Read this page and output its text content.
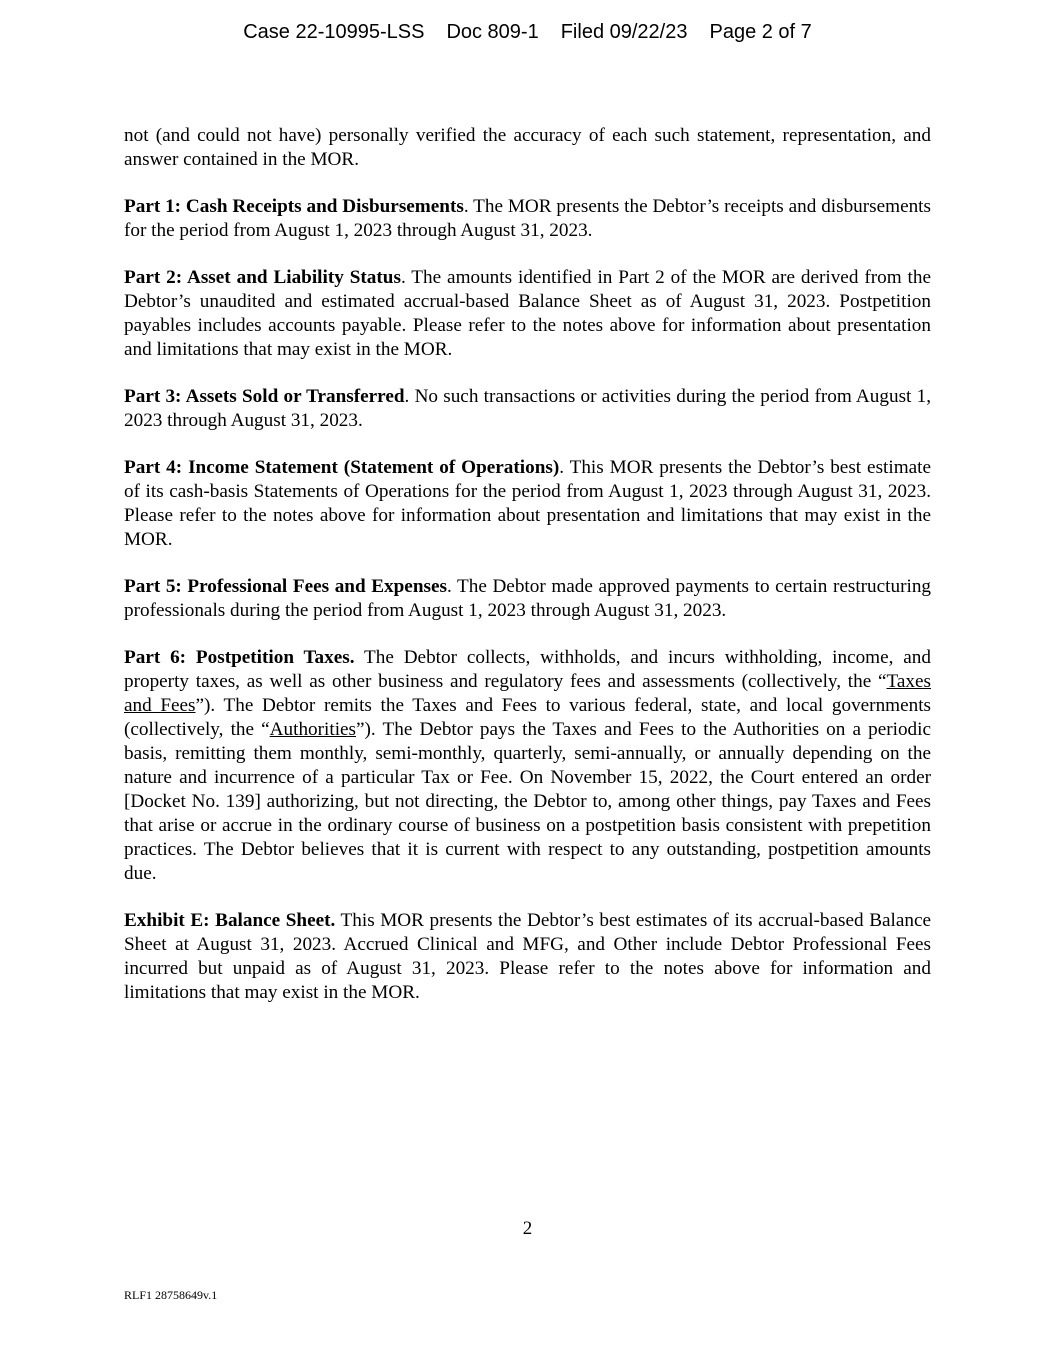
Case 22-10995-LSS Doc 809-1 Filed 09/22/23 Page 2 of 7

not (and could not have) personally verified the accuracy of each such statement, representation, and answer contained in the MOR.

Part 1: Cash Receipts and Disbursements. The MOR presents the Debtor’s receipts and disbursements for the period from August 1, 2023 through August 31, 2023.

Part 2: Asset and Liability Status. The amounts identified in Part 2 of the MOR are derived from the Debtor’s unaudited and estimated accrual-based Balance Sheet as of August 31, 2023. Postpetition payables includes accounts payable. Please refer to the notes above for information about presentation and limitations that may exist in the MOR.

Part 3: Assets Sold or Transferred. No such transactions or activities during the period from August 1, 2023 through August 31, 2023.

Part 4: Income Statement (Statement of Operations). This MOR presents the Debtor’s best estimate of its cash-basis Statements of Operations for the period from August 1, 2023 through August 31, 2023. Please refer to the notes above for information about presentation and limitations that may exist in the MOR.

Part 5: Professional Fees and Expenses. The Debtor made approved payments to certain restructuring professionals during the period from August 1, 2023 through August 31, 2023.

Part 6: Postpetition Taxes. The Debtor collects, withholds, and incurs withholding, income, and property taxes, as well as other business and regulatory fees and assessments (collectively, the “Taxes and Fees”). The Debtor remits the Taxes and Fees to various federal, state, and local governments (collectively, the “Authorities”). The Debtor pays the Taxes and Fees to the Authorities on a periodic basis, remitting them monthly, semi-monthly, quarterly, semi-annually, or annually depending on the nature and incurrence of a particular Tax or Fee. On November 15, 2022, the Court entered an order [Docket No. 139] authorizing, but not directing, the Debtor to, among other things, pay Taxes and Fees that arise or accrue in the ordinary course of business on a postpetition basis consistent with prepetition practices. The Debtor believes that it is current with respect to any outstanding, postpetition amounts due.

Exhibit E: Balance Sheet. This MOR presents the Debtor’s best estimates of its accrual-based Balance Sheet at August 31, 2023. Accrued Clinical and MFG, and Other include Debtor Professional Fees incurred but unpaid as of August 31, 2023. Please refer to the notes above for information and limitations that may exist in the MOR.

2
RLF1 28758649v.1
